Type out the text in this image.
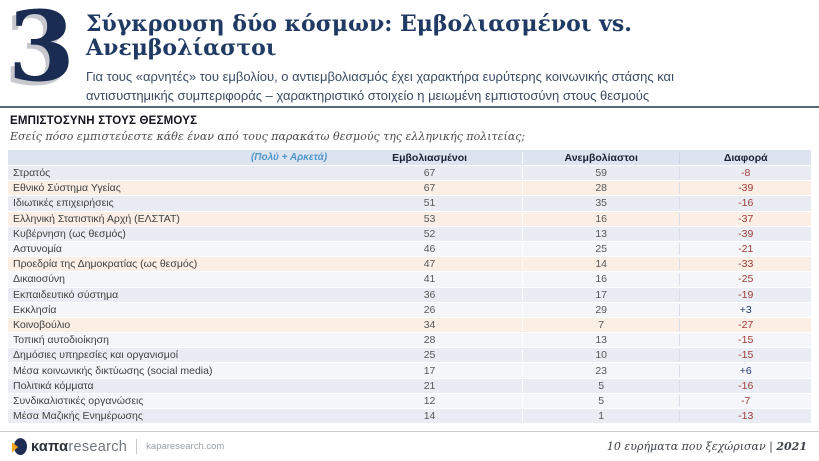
3 Σύγκρουση δύο κόσμων: Εμβολιασμένοι vs. Ανεμβολίαστοι

Για τους «αρνητές» του εμβολίου, ο αντιεμβολιασμός έχει χαρακτήρα ευρύτερης κοινωνικής στάσης και αντισυστημικής συμπεριφοράς – χαρακτηριστικό στοιχείο η μειωμένη εμπιστοσύνη στους θεσμούς

ΕΜΠΙΣΤΟΣΥΝΗ ΣΤΟΥΣ ΘΕΣΜΟΥΣ
Εσείς πόσο εμπιστεύεστε κάθε έναν από τους παρακάτω θεσμούς της ελληνικής πολιτείας;
(Πολύ + Αρκετά)	Εμβολιασμένοι	Ανεμβολίαστοι	Διαφορά
Στρατός	67	59	-8
Εθνικό Σύστημα Υγείας	67	28	-39
Ιδιωτικές επιχειρήσεις	51	35	-16
Ελληνική Στατιστική Αρχή (ΕΛΣΤΑΤ)	53	16	-37
Κυβέρνηση (ως θεσμός)	52	13	-39
Αστυνομία	46	25	-21
Προεδρία της Δημοκρατίας (ως θεσμός)	47	14	-33
Δικαιοσύνη	41	16	-25
Εκπαιδευτικό σύστημα	36	17	-19
Εκκλησία	26	29	+3
Κοινοβούλιο	34	7	-27
Τοπική αυτοδιοίκηση	28	13	-15
Δημόσιες υπηρεσίες και οργανισμοί	25	10	-15
Μέσα κοινωνικής δικτύωσης (social media)	17	23	+6
Πολιτικά κόμματα	21	5	-16
Συνδικαλιστικές οργανώσεις	12	5	-7
Μέσα Μαζικής Ενημέρωσης	14	1	-13
καπα research kaparesearch.com	10 ευρήματα που ξεχώρισαν | 2021
